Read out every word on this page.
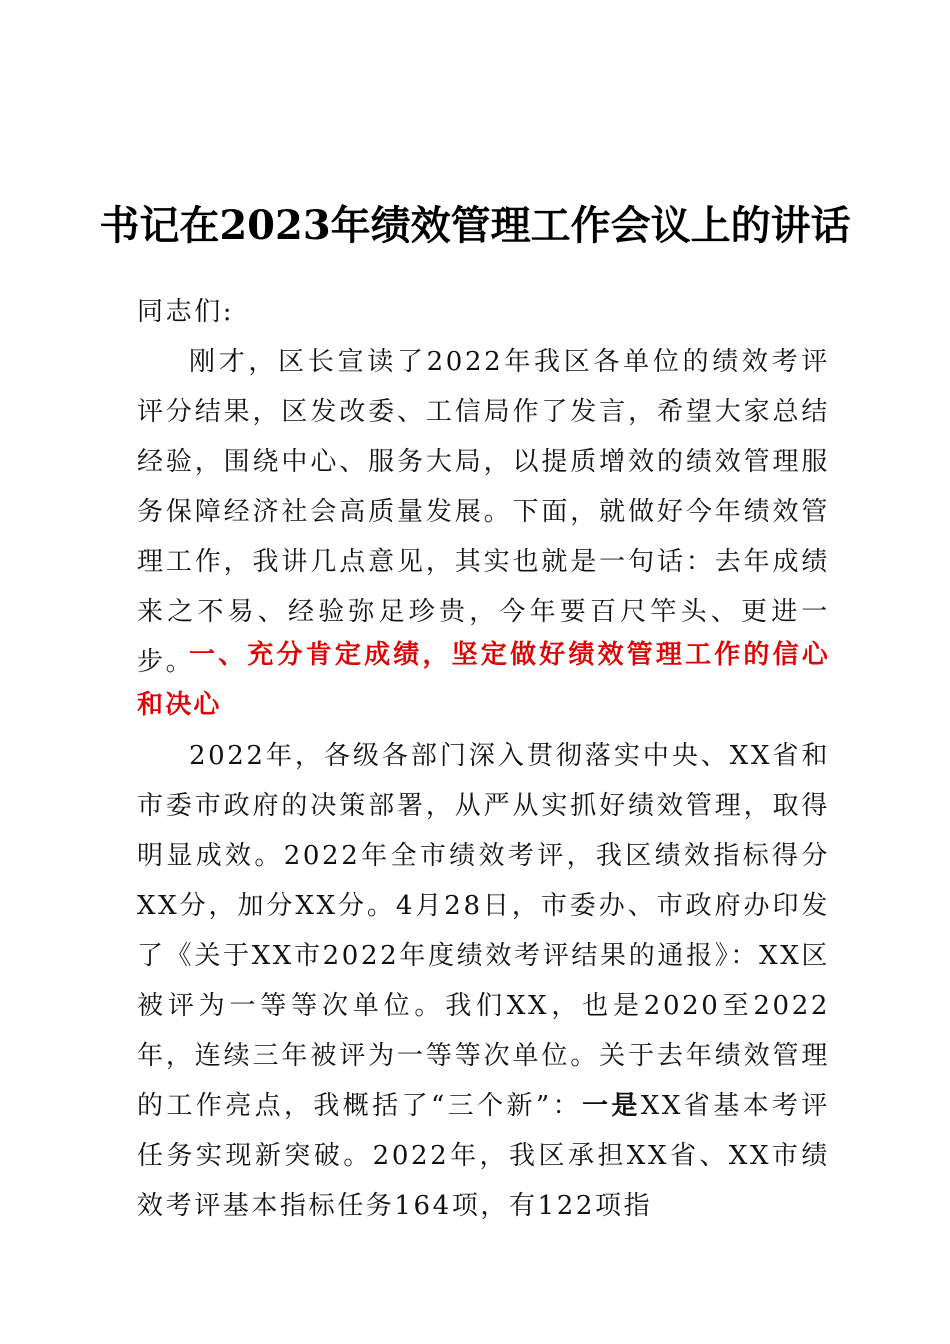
书记在2023年绩效管理工作会议上的讲话
同志们:
刚才，区长宣读了2022年我区各单位的绩效考评评分结果，区发改委、工信局作了发言，希望大家总结经验，围绕中心、服务大局，以提质增效的绩效管理服务保障经济社会高质量发展。下面，就做好今年绩效管理工作，我讲几点意见，其实也就是一句话：去年成绩来之不易、经验弥足珍贵，今年要百尺竿头、更进一步。
一、充分肯定成绩，坚定做好绩效管理工作的信心和决心
2022年，各级各部门深入贯彻落实中央、XX省和市委市政府的决策部署，从严从实抓好绩效管理，取得明显成效。2022年全市绩效考评，我区绩效指标得分XX分，加分XX分。4月28日，市委办、市政府办印发了《关于XX市2022年度绩效考评结果的通报》：XX区被评为一等等次单位。我们XX，也是2020至2022年，连续三年被评为一等等次单位。关于去年绩效管理的工作亮点，我概括了“三个新”：一是XX省基本考评任务实现新突破。2022年，我区承担XX省、XX市绩效考评基本指标任务164项，有122项指
